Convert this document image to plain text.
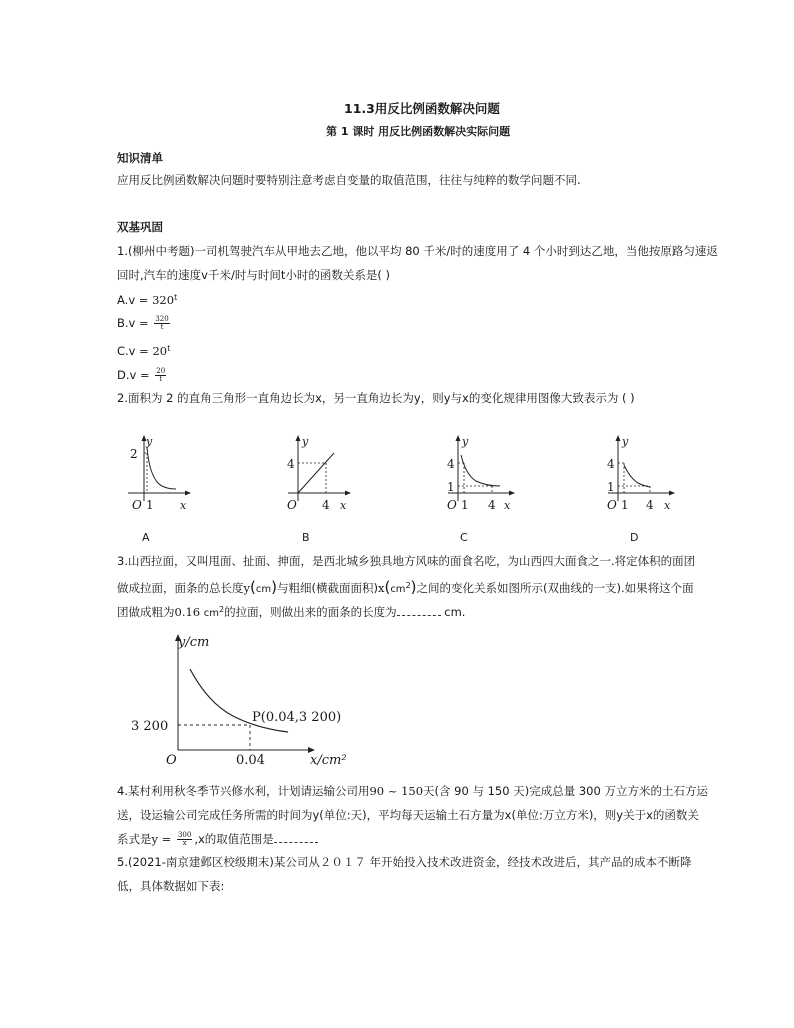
11.3用反比例函数解决问题
第 1 课时 用反比例函数解决实际问题
知识清单
应用反比例函数解决问题时要特别注意考虑自变量的取值范围，往往与纯粹的数学问题不同.
双基巩固
1.(柳州中考题)一司机驾驶汽车从甲地去乙地，他以平均 80 千米/时的速度用了 4 个小时到达乙地，当他按原路匀速返
回时,汽车的速度v千米/时与时间t小时的函数关系是( )
$A.v = 320^t$
$B.v = \frac{320}{t}$
$C.v = 20^t$
$D.v = \frac{20}{t}$
2.面积为 2 的直角三角形一直角边长为x，另一直角边长为y，则y与x的变化规律用图像大致表示为 ( )
y
2
O 1 x
y
4
O 4 x
y
4
1
O 1 4 x
y
4
1
O 1 4 x
A	B	C	D
3.山西拉面，又叫甩面、扯面、抻面，是西北城乡独具地方风味的面食名吃，为山西四大面食之一.将定体积的面团
做成拉面，面条的总长度y(cm)与粗细(横截面面积)$x(cm^2)$之间的变化关系如图所示(双曲线的一支).如果将这个面
团做成粗为0.16 $cm^2$的拉面，则做出来的面条的长度为	cm.
y/cm
3 200
O	0.04	x/cm²
P(0.04,3 200)
4.某村利用秋冬季节兴修水利，计划请运输公司用90 ~ 150天(含 90 与 150 天)完成总量 300 万立方米的土石方运
送，设运输公司完成任务所需的时间为y(单位:天)，平均每天运输土石方量为x(单位:万立方米)，则y关于x的函数关
系式是$y = \frac{300}{x} ,x$的取值范围是
5.(2021-南京建邺区校级期末)某公司从２０１７ 年开始投入技术改进资金，经技术改进后，其产品的成本不断降
低，具体数据如下表:
